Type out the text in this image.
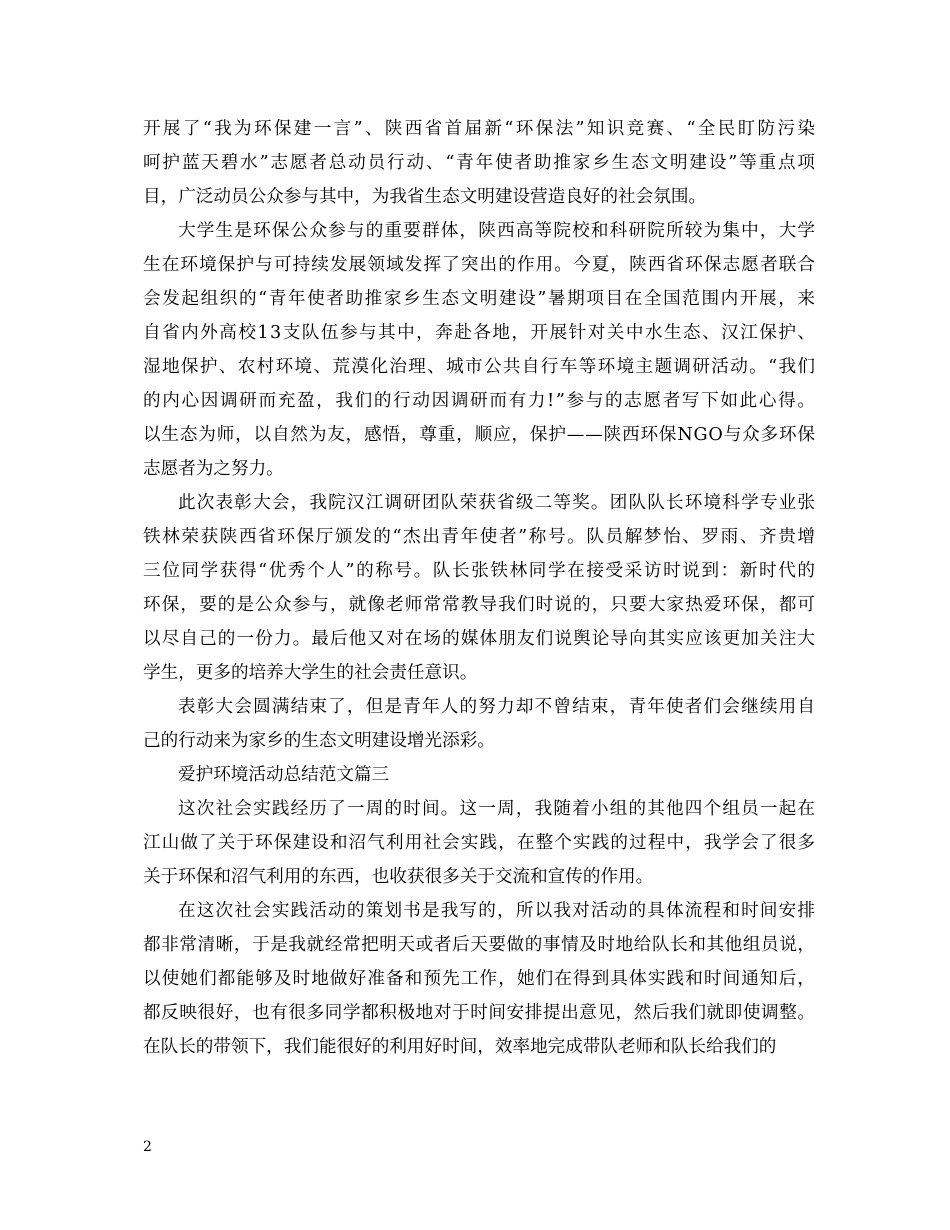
开展了“我为环保建一言”、陕西省首届新“环保法”知识竞赛、“全民盯防污染
呵护蓝天碧水”志愿者总动员行动、“青年使者助推家乡生态文明建设”等重点项
目，广泛动员公众参与其中，为我省生态文明建设营造良好的社会氛围。
大学生是环保公众参与的重要群体，陕西高等院校和科研院所较为集中，大学
生在环境保护与可持续发展领域发挥了突出的作用。今夏，陕西省环保志愿者联合
会发起组织的“青年使者助推家乡生态文明建设”暑期项目在全国范围内开展，来
自省内外高校13支队伍参与其中，奔赴各地，开展针对关中水生态、汉江保护、
湿地保护、农村环境、荒漠化治理、城市公共自行车等环境主题调研活动。“我们
的内心因调研而充盈，我们的行动因调研而有力!”参与的志愿者写下如此心得。
以生态为师，以自然为友，感悟，尊重，顺应，保护——陕西环保NGO与众多环保
志愿者为之努力。
此次表彰大会，我院汉江调研团队荣获省级二等奖。团队队长环境科学专业张
铁林荣获陕西省环保厅颁发的“杰出青年使者”称号。队员解梦怡、罗雨、齐贵增
三位同学获得“优秀个人”的称号。队长张铁林同学在接受采访时说到：新时代的
环保，要的是公众参与，就像老师常常教导我们时说的，只要大家热爱环保，都可
以尽自己的一份力。最后他又对在场的媒体朋友们说舆论导向其实应该更加关注大
学生，更多的培养大学生的社会责任意识。
表彰大会圆满结束了，但是青年人的努力却不曾结束，青年使者们会继续用自
己的行动来为家乡的生态文明建设增光添彩。
爱护环境活动总结范文篇三
这次社会实践经历了一周的时间。这一周，我随着小组的其他四个组员一起在
江山做了关于环保建设和沼气利用社会实践，在整个实践的过程中，我学会了很多
关于环保和沼气利用的东西，也收获很多关于交流和宣传的作用。
在这次社会实践活动的策划书是我写的，所以我对活动的具体流程和时间安排
都非常清晰，于是我就经常把明天或者后天要做的事情及时地给队长和其他组员说，
以使她们都能够及时地做好准备和预先工作，她们在得到具体实践和时间通知后，
都反映很好，也有很多同学都积极地对于时间安排提出意见，然后我们就即使调整。
在队长的带领下，我们能很好的利用好时间，效率地完成带队老师和队长给我们的
2
